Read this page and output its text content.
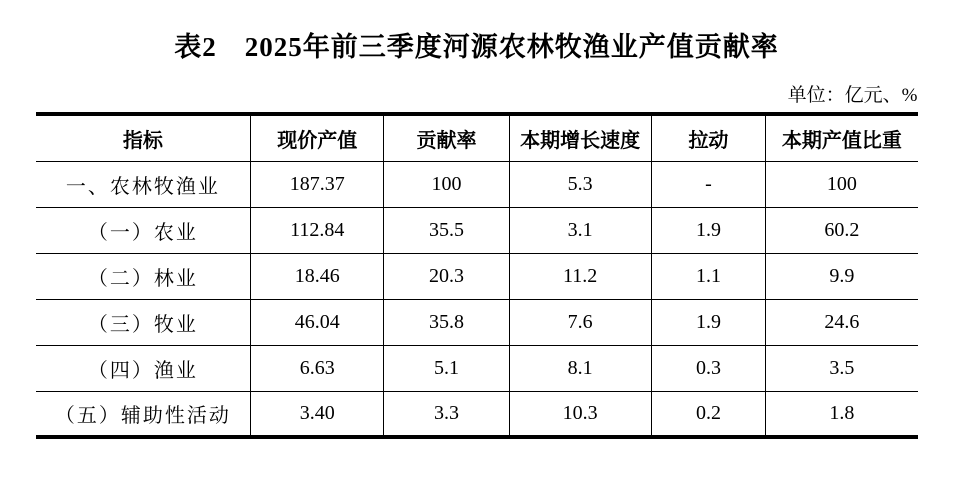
表2　2025年前三季度河源农林牧渔业产值贡献率
单位：亿元、%
指标	现价产值	贡献率	本期增长速度	拉动	本期产值比重
一、农林牧渔业	187.37	100	5.3	-	100
（一）农业	112.84	35.5	3.1	1.9	60.2
（二）林业	18.46	20.3	11.2	1.1	9.9
（三）牧业	46.04	35.8	7.6	1.9	24.6
（四）渔业	6.63	5.1	8.1	0.3	3.5
（五）辅助性活动	3.40	3.3	10.3	0.2	1.8
